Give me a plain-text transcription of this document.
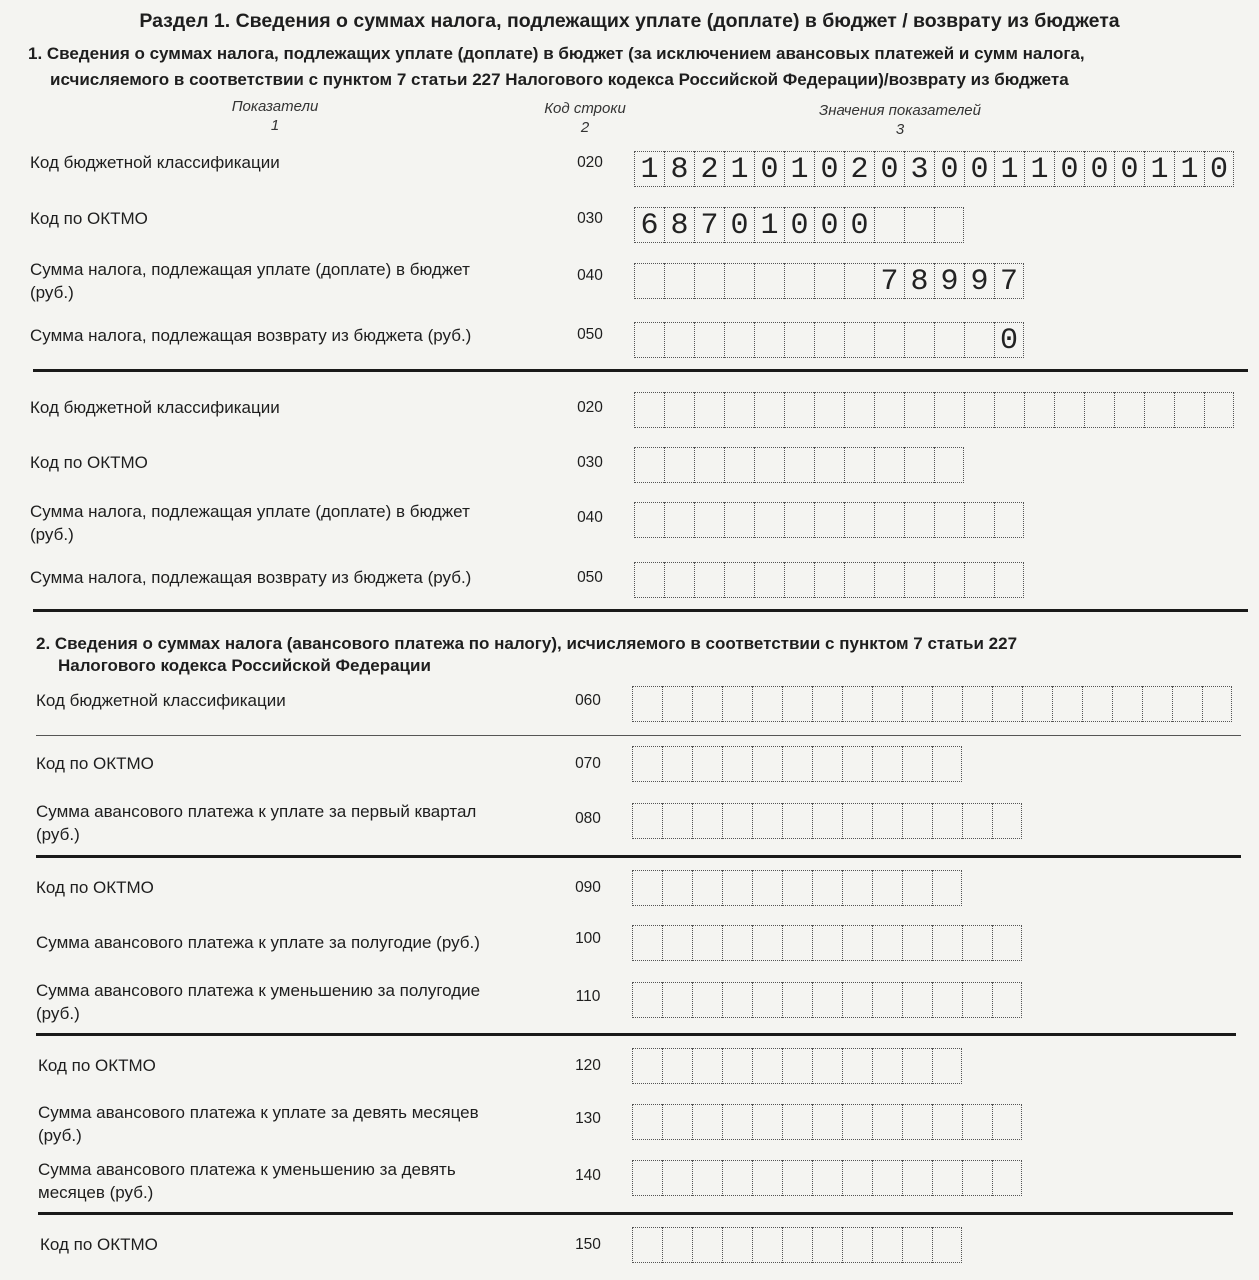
Раздел 1. Сведения о суммах налога, подлежащих уплате (доплате) в бюджет / возврату из бюджета
1. Сведения о суммах налога, подлежащих уплате (доплате) в бюджет (за исключением авансовых платежей и сумм налога,
исчисляемого в соответствии с пунктом 7 статьи 227 Налогового кодекса Российской Федерации)/возврату из бюджета
Показатели
1
Код строки
2
Значения показателей
3
Код бюджетной классификации	020	1 8 2 1 0 1 0 2 0 3 0 0 1 1 0 0 0 1 1 0
Код по ОКТМО	030	6 8 7 0 1 0 0 0
Сумма налога, подлежащая уплате (доплате) в бюджет
(руб.)
040	7 8 9 9 7
Сумма налога, подлежащая возврату из бюджета (руб.)	050	0
Код бюджетной классификации	020
Код по ОКТМО	030
Сумма налога, подлежащая уплате (доплате) в бюджет
(руб.)
040
Сумма налога, подлежащая возврату из бюджета (руб.)	050
2. Сведения о суммах налога (авансового платежа по налогу), исчисляемого в соответствии с пунктом 7 статьи 227
Налогового кодекса Российской Федерации
Код бюджетной классификации	060
Код по ОКТМО	070
Сумма авансового платежа к уплате за первый квартал
(руб.)
080
Код по ОКТМО	090
Сумма авансового платежа к уплате за полугодие (руб.)	100
Сумма авансового платежа к уменьшению за полугодие
(руб.)
110
Код по ОКТМО	120
Сумма авансового платежа к уплате за девять месяцев
(руб.)
130
Сумма авансового платежа к уменьшению за девять
месяцев (руб.)
140
Код по ОКТМО	150
